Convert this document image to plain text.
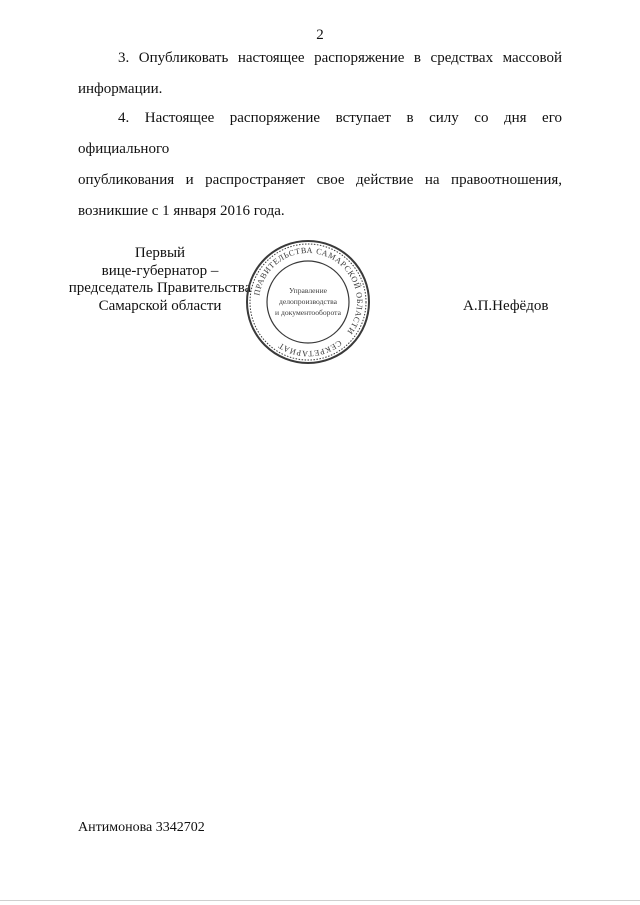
2
3. Опубликовать настоящее распоряжение в средствах массовой
информации.
4. Настоящее распоряжение вступает в силу со дня его официального
опубликования и распространяет свое действие на правоотношения,
возникшие с 1 января 2016 года.
Первый
вице-губернатор –
председатель Правительства
Самарской области
ПРАВИТЕЛЬСТВА САМАРСКОЙ ОБЛАСТИ
СЕКРЕТАРИАТ
Управление
делопроизводства
и документооборота	А.П.Нефёдов
Антимонова 3342702
